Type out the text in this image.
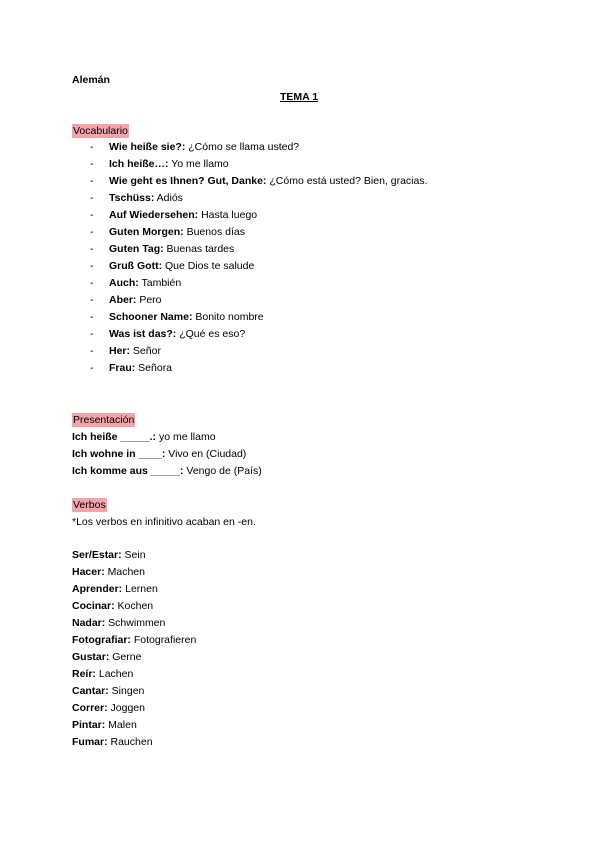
Alemán
TEMA 1
Vocabulario
- Wie heiße sie?: ¿Cómo se llama usted?
- Ich heiße…: Yo me llamo
- Wie geht es Ihnen? Gut, Danke: ¿Cómo está usted? Bien, gracias.
- Tschüss: Adiós
- Auf Wiedersehen: Hasta luego
- Guten Morgen: Buenos días
- Guten Tag: Buenas tardes
- Gruß Gott: Que Dios te salude
- Auch: También
- Aber: Pero
- Schooner Name: Bonito nombre
- Was ist das?: ¿Qué es eso?
- Her: Señor
- Frau: Señora
Presentación
Ich heiße _____.: yo me llamo
Ich wohne in ____: Vivo en (Ciudad)
Ich komme aus _____: Vengo de (País)
Verbos
*Los verbos en infinitivo acaban en -en.
Ser/Estar: Sein
Hacer: Machen
Aprender: Lernen
Cocinar: Kochen
Nadar: Schwimmen
Fotografiar: Fotografieren
Gustar: Gerne
Reír: Lachen
Cantar: Singen
Correr: Joggen
Pintar: Malen
Fumar: Rauchen
